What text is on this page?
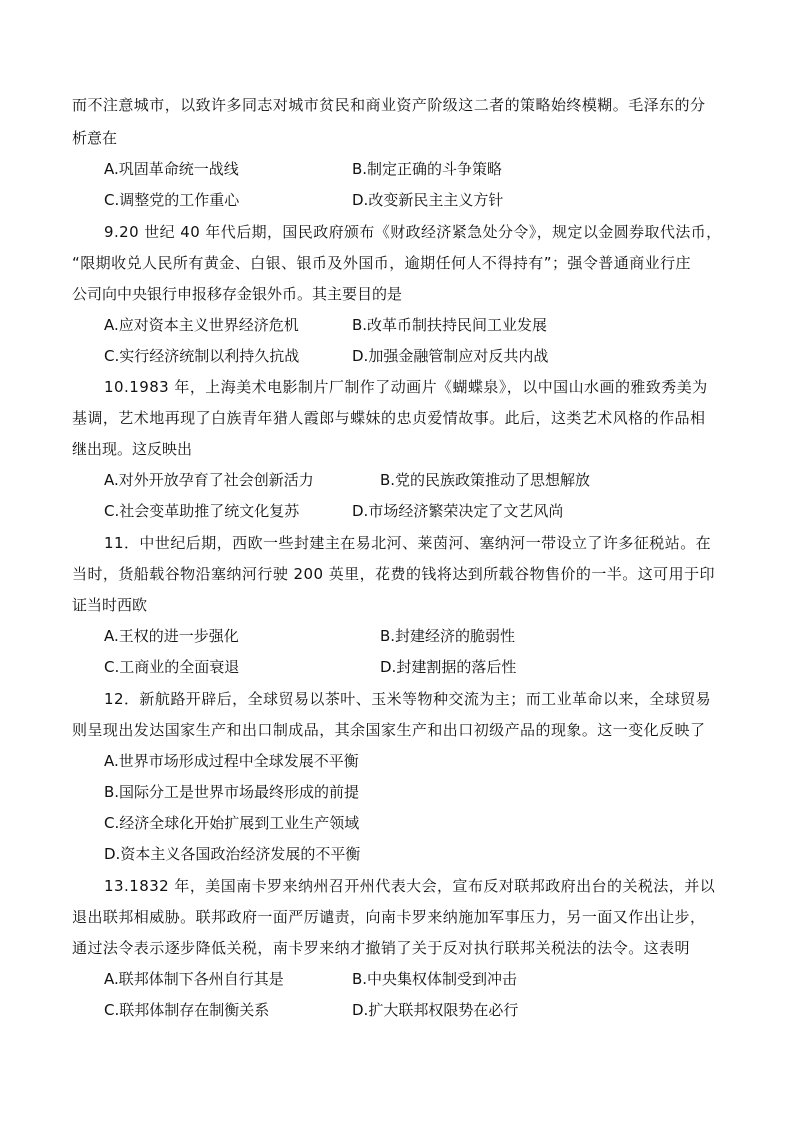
而不注意城市，以致许多同志对城市贫民和商业资产阶级这二者的策略始终模糊。毛泽东的分
析意在
A.巩固革命统一战线	B.制定正确的斗争策略
C.调整党的工作重心	D.改变新民主主义方针
9.20 世纪 40 年代后期，国民政府颁布《财政经济紧急处分令》，规定以金圆券取代法币，
“限期收兑人民所有黄金、白银、银币及外国币，逾期任何人不得持有”；强令普通商业行庄
公司向中央银行申报移存金银外币。其主要目的是
A.应对资本主义世界经济危机	B.改革币制扶持民间工业发展
C.实行经济统制以利持久抗战	D.加强金融管制应对反共内战
10.1983 年，上海美术电影制片厂制作了动画片《蝴蝶泉》，以中国山水画的雅致秀美为
基调，艺术地再现了白族青年猎人霞郎与蝶妹的忠贞爱情故事。此后，这类艺术风格的作品相
继出现。这反映出
A.对外开放孕育了社会创新活力	B.党的民族政策推动了思想解放
C.社会变革助推了统文化复苏	D.市场经济繁荣决定了文艺风尚
11．中世纪后期，西欧一些封建主在易北河、莱茵河、塞纳河一带设立了许多征税站。在
当时，货船载谷物沿塞纳河行驶 200 英里，花费的钱将达到所载谷物售价的一半。这可用于印
证当时西欧
A.王权的进一步强化	B.封建经济的脆弱性
C.工商业的全面衰退	D.封建割据的落后性
12．新航路开辟后，全球贸易以茶叶、玉米等物种交流为主；而工业革命以来，全球贸易
则呈现出发达国家生产和出口制成品，其余国家生产和出口初级产品的现象。这一变化反映了
A.世界市场形成过程中全球发展不平衡
B.国际分工是世界市场最终形成的前提
C.经济全球化开始扩展到工业生产领域
D.资本主义各国政治经济发展的不平衡
13.1832 年，美国南卡罗来纳州召开州代表大会，宣布反对联邦政府出台的关税法，并以
退出联邦相威胁。联邦政府一面严厉谴责，向南卡罗来纳施加军事压力，另一面又作出让步，
通过法令表示逐步降低关税，南卡罗来纳才撤销了关于反对执行联邦关税法的法令。这表明
A.联邦体制下各州自行其是	B.中央集权体制受到冲击
C.联邦体制存在制衡关系	D.扩大联邦权限势在必行
